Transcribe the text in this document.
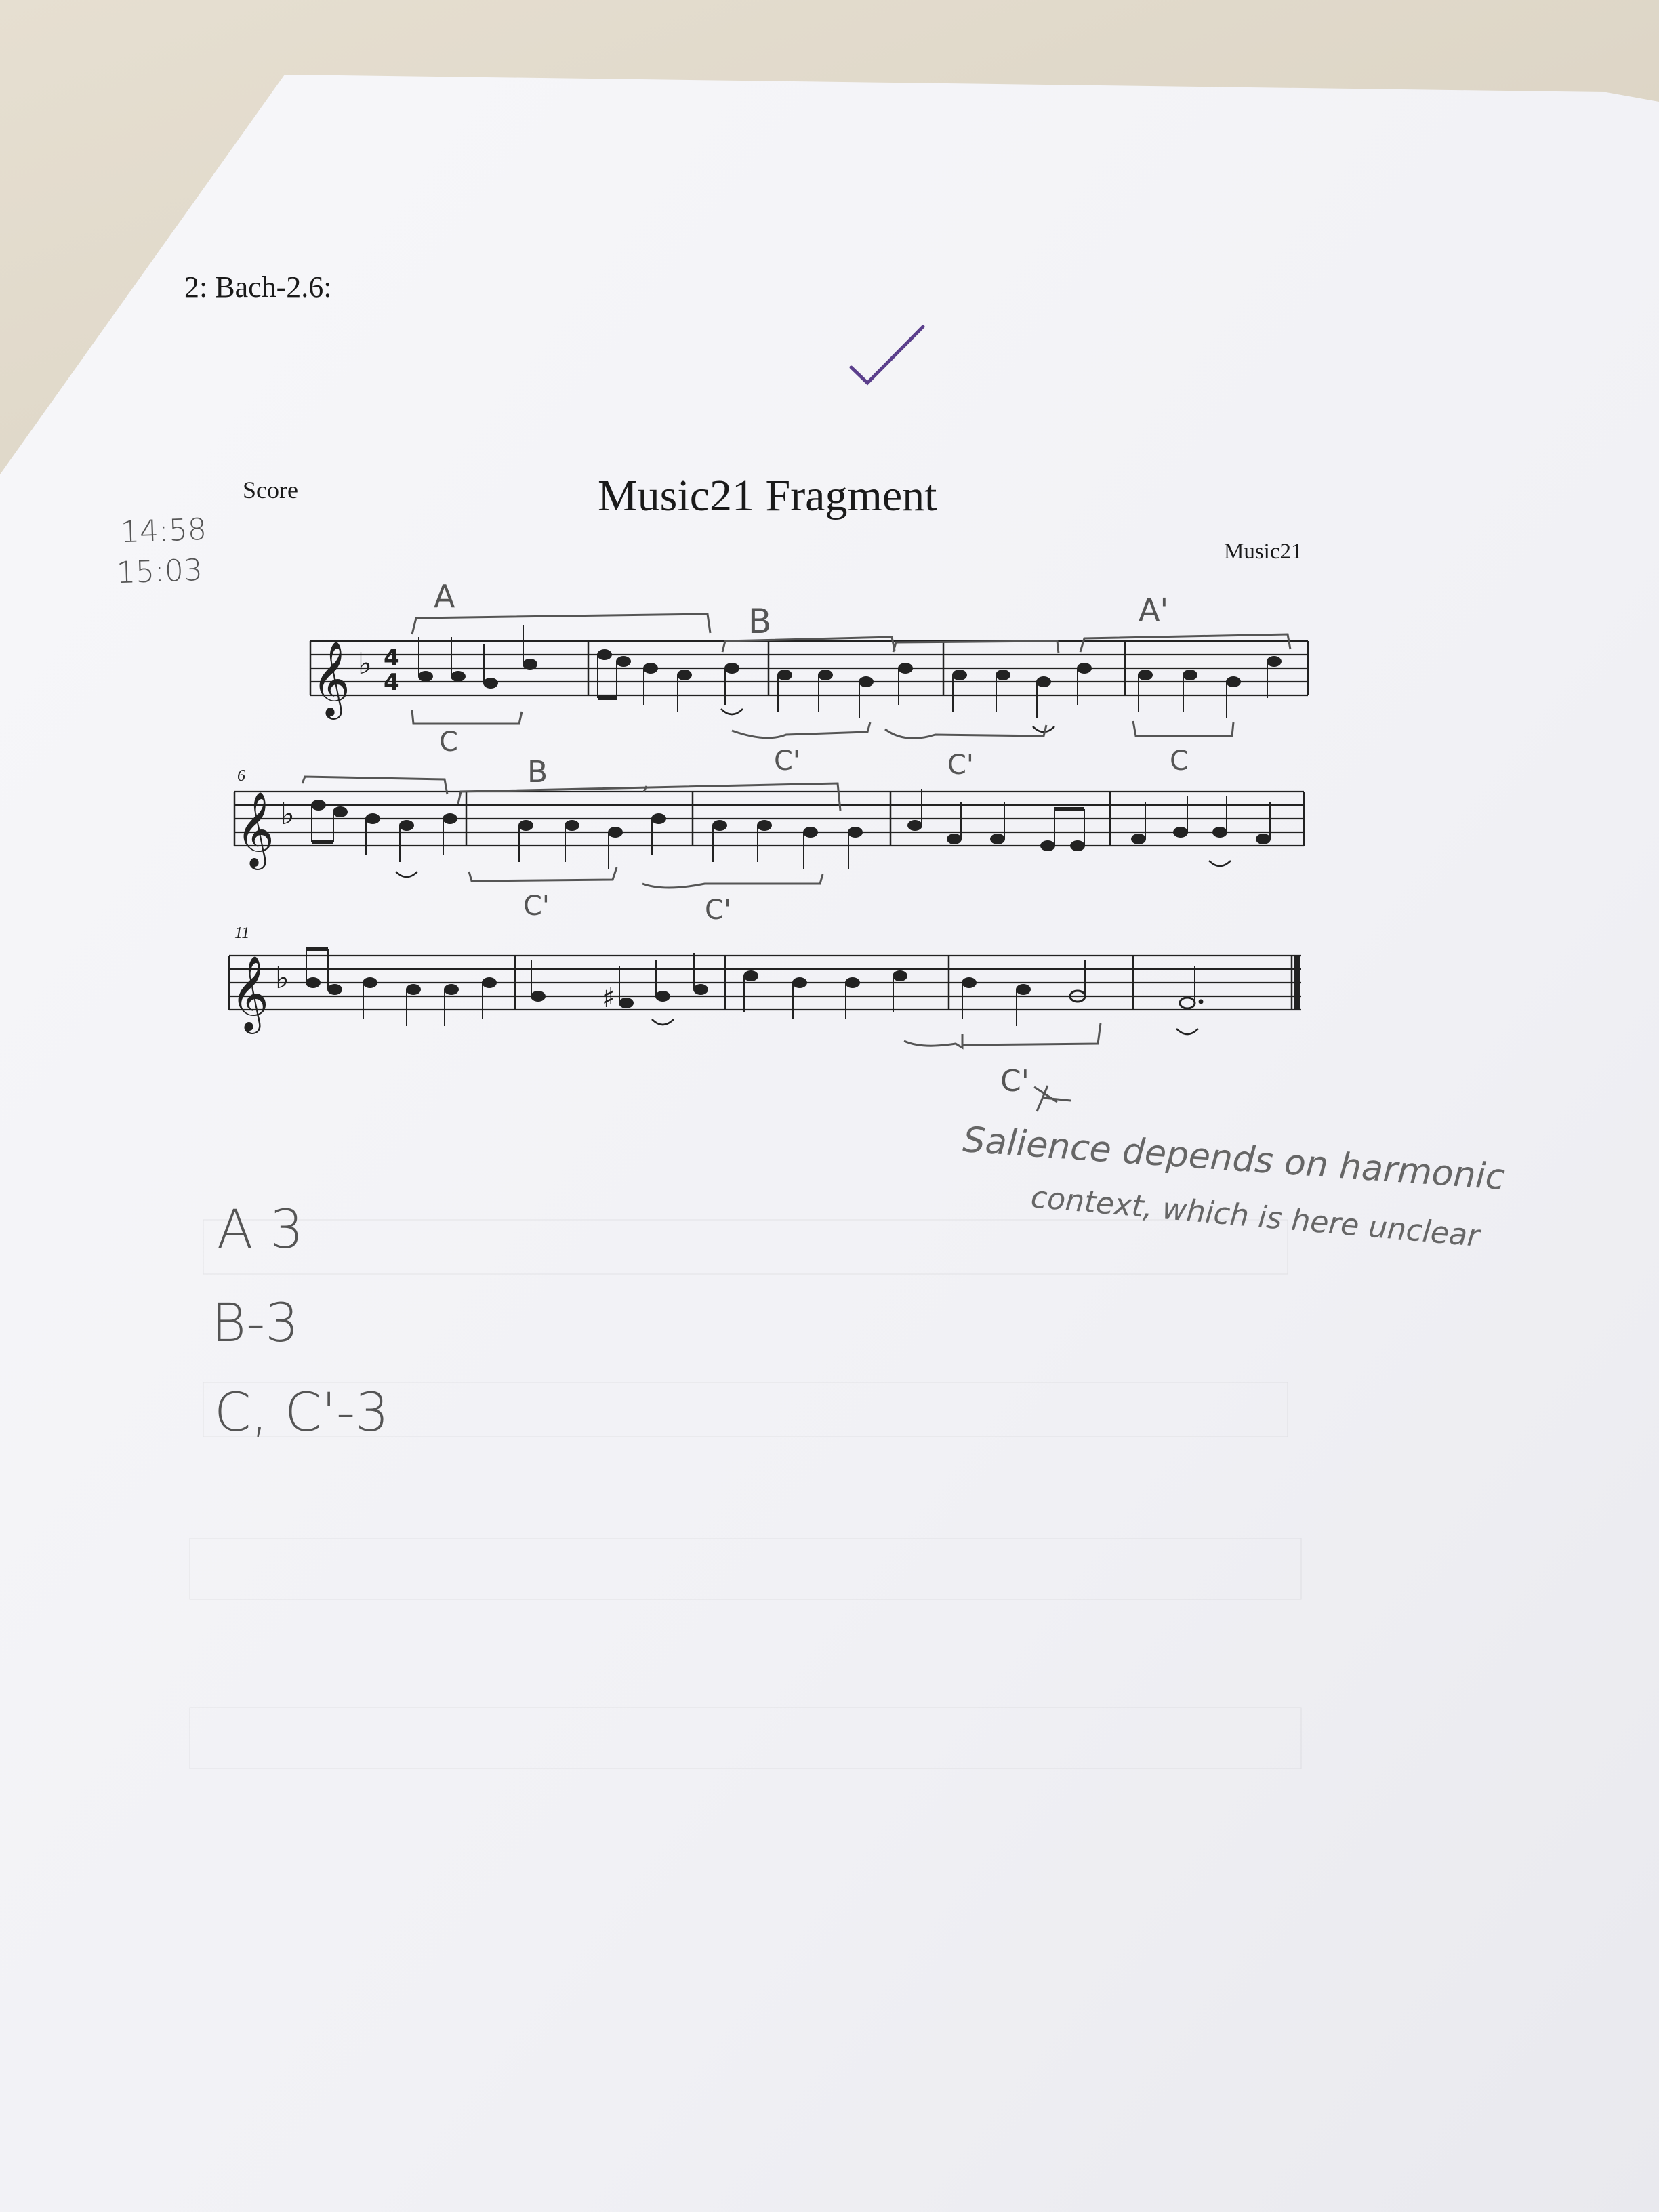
𝄞 ♭ 4
4
A
B	A'
C
C'	C'	C
6
𝄞 ♭
B
C'	C'
11
𝄞 ♭
♯
C'
2: Bach-2.6:
Score	Music21 Fragment
Music21
14:58
15:03
Salience depends on harmonic
context, which is here unclear
A 3
B-3
C, C'-3
